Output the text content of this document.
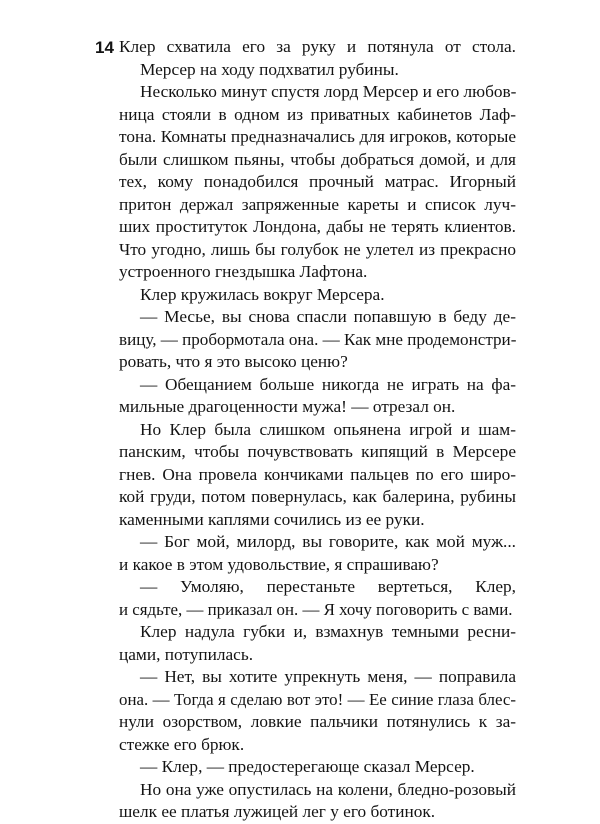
14 Клер схватила его за руку и потянула от стола.
Мерсер на ходу подхватил рубины.
Несколько минут спустя лорд Мерсер и его любов-
ница стояли в одном из приватных кабинетов Лаф-
тона. Комнаты предназначались для игроков, которые
были слишком пьяны, чтобы добраться домой, и для
тех, кому понадобился прочный матрас. Игорный
притон держал запряженные кареты и список луч-
ших проституток Лондона, дабы не терять клиентов.
Что угодно, лишь бы голубок не улетел из прекрасно
устроенного гнездышка Лафтона.
Клер кружилась вокруг Мерсера.
— Месье, вы снова спасли попавшую в беду де-
вицу, — пробормотала она. — Как мне продемонстри-
ровать, что я это высоко ценю?
— Обещанием больше никогда не играть на фа-
мильные драгоценности мужа! — отрезал он.
Но Клер была слишком опьянена игрой и шам-
панским, чтобы почувствовать кипящий в Мерсере
гнев. Она провела кончиками пальцев по его широ-
кой груди, потом повернулась, как балерина, рубины
каменными каплями сочились из ее руки.
— Бог мой, милорд, вы говорите, как мой муж...
и какое в этом удовольствие, я спрашиваю?
— Умоляю, перестаньте вертеться, Клер,
и сядьте, — приказал он. — Я хочу поговорить с вами.
Клер надула губки и, взмахнув темными ресни-
цами, потупилась.
— Нет, вы хотите упрекнуть меня, — поправила
она. — Тогда я сделаю вот это! — Ее синие глаза блес-
нули озорством, ловкие пальчики потянулись к за-
стежке его брюк.
— Клер, — предостерегающе сказал Мерсер.
Но она уже опустилась на колени, бледно-розовый
шелк ее платья лужицей лег у его ботинок.
